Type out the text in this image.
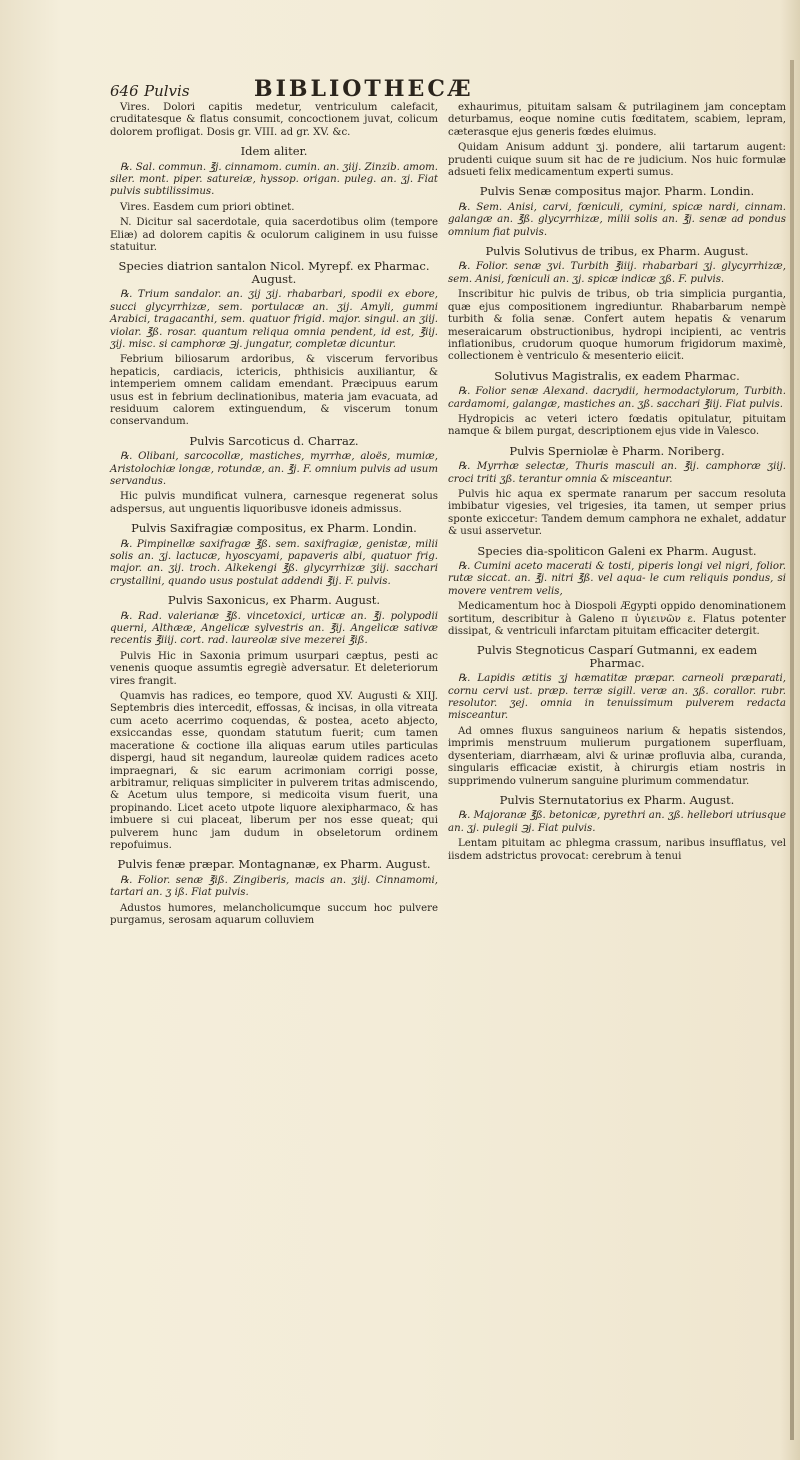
646 Pulvis	BIBLIOTHECÆ

Vires. Dolori capitis medetur, ventriculum calefacit, cruditatesque & flatus consumit, concoctionem juvat, colicum dolorem profligat. Dosis gr. VIII. ad gr. XV. &c.

Idem aliter.

℞. Sal. commun. ℥j. cinnamom. cumin. an. ʒiij. Zinzib. amom. siler. mont. piper. satureiæ, hyssop. origan. puleg. an. ʒj. Fiat pulvis subtilissimus.

Vires. Easdem cum priori obtinet.

N. Dicitur sal sacerdotale, quia sacerdotibus olim (tempore Eliæ) ad dolorem capitis & oculorum caliginem in usu fuisse statuitur.

Species diatrion santalon Nicol. Myrepf. ex Pharmac. August.

℞. Trium sandalor. an. ʒij ʒij. rhabarbari, spodii ex ebore, succi glycyrrhizæ, sem. portulacæ an. ʒij. Amyli, gummi Arabici, tragacanthi, sem. quatuor frigid. major. singul. an ʒiij. violar. ℥ß. rosar. quantum reliqua omnia pendent, id est, ℥iij. ʒij. misc. si camphoræ ℈j. jungatur, completæ dicuntur.

Febrium biliosarum ardoribus, & viscerum fervoribus hepaticis, cardiacis, ictericis, phthisicis auxiliantur, & intemperiem omnem calidam emendant. Præcipuus earum usus est in febrium declinationibus, materia jam evacuata, ad residuum calorem extinguendum, & viscerum tonum conservandum.

Pulvis Sarcoticus d. Charraz.

℞. Olibani, sarcocollæ, mastiches, myrrhæ, aloës, mumiæ, Aristolochiæ longæ, rotundæ, an. ℥j. F. omnium pulvis ad usum servandus.

Hic pulvis mundificat vulnera, carnesque regenerat solus adspersus, aut unguentis liquoribusve idoneis admissus.

Pulvis Saxifragiæ compositus, ex Pharm. Londin.

℞. Pimpinellæ saxifragæ ℥ß. sem. saxifragiæ, genistæ, milii solis an. ʒj. lactucæ, hyoscyami, papaveris albi, quatuor frig. major. an. ʒij. troch. Alkekengi ℥ß. glycyrrhizæ ʒiij. sacchari crystallini, quando usus postulat addendi ℥ij. F. pulvis.

Pulvis Saxonicus, ex Pharm. August.

℞. Rad. valerianæ ℥ß. vincetoxici, urticæ an. ℥j. polypodii querni, Althææ, Angelicæ sylvestris an. ℥ij. Angelicæ sativæ recentis ℥iiij. cort. rad. laureolæ sive mezerei ℥iß.

Pulvis Hic in Saxonia primum usurpari cæptus, pesti ac venenis quoque assumtis egregiè adversatur. Et deleteriorum vires frangit.

Quamvis has radices, eo tempore, quod XV. Augusti & XIIJ. Septembris dies intercedit, effossas, & incisas, in olla vitreata cum aceto acerrimo coquendas, & postea, aceto abjecto, exsiccandas esse, quondam statutum fuerit; cum tamen maceratione & coctione illa aliquas earum utiles particulas dispergi, haud sit negandum, laureolæ quidem radices aceto impraegnari, & sic earum acrimoniam corrigi posse, arbitramur, reliquas simpliciter in pulverem tritas admiscendo, & Acetum ulus tempore, si medicoita visum fuerit, una propinando. Licet aceto utpote liquore alexipharmaco, & has imbuere si cui placeat, liberum per nos esse queat; qui pulverem hunc jam dudum in obseletorum ordinem repofuimus.

Pulvis fenæ præpar. Montagnanæ, ex Pharm. August.

℞. Folior. senæ ℥iß. Zingiberis, macis an. ʒiij. Cinnamomi, tartari an. ʒ iß. Fiat pulvis.

Adustos humores, melancholicumque succum hoc pulvere purgamus, serosam aquarum colluviem

exhaurimus, pituitam salsam & putrilaginem jam conceptam deturbamus, eoque nomine cutis fœditatem, scabiem, lepram, cæterasque ejus generis fœdes eluimus.

Quidam Anisum addunt ʒj. pondere, alii tartarum augent: prudenti cuique suum sit hac de re judicium. Nos huic formulæ adsueti felix medicamentum experti sumus.

Pulvis Senæ compositus major. Pharm. Londin.

℞. Sem. Anisi, carvi, fœniculi, cymini, spicæ nardi, cinnam. galangæ an. ℥ß. glycyrrhizæ, milii solis an. ℥j. senæ ad pondus omnium fiat pulvis.

Pulvis Solutivus de tribus, ex Pharm. August.

℞. Folior. senæ ʒvi. Turbith ℥iiij. rhabarbari ʒj. glycyrrhizæ, sem. Anisi, fœniculi an. ʒj. spicæ indicæ ʒß. F. pulvis.

Inscribitur hic pulvis de tribus, ob tria simplicia purgantia, quæ ejus compositionem ingrediuntur. Rhabarbarum nempè turbith & folia senæ. Confert autem hepatis & venarum meseraicarum obstructionibus, hydropi incipienti, ac ventris inflationibus, crudorum quoque humorum frigidorum maximè, collectionem è ventriculo & mesenterio eiicit.

Solutivus Magistralis, ex eadem Pharmac.

℞. Folior senæ Alexand. dacrydii, hermodactylorum, Turbith. cardamomi, galangæ, mastiches an. ʒß. sacchari ℥iij. Fiat pulvis.

Hydropicis ac veteri ictero fœdatis opitulatur, pituitam namque & bilem purgat, descriptionem ejus vide in Valesco.

Pulvis Sperniolæ è Pharm. Noriberg.

℞. Myrrhæ selectæ, Thuris masculi an. ℥ij. camphoræ ʒiij. croci triti ʒß. terantur omnia & misceantur.

Pulvis hic aqua ex spermate ranarum per saccum resoluta imbibatur vigesies, vel trigesies, ita tamen, ut semper prius sponte exiccetur: Tandem demum camphora ne exhalet, addatur & usui asservetur.

Species dia-spoliticon Galeni ex Pharm. August.

℞. Cumini aceto macerati & tosti, piperis longi vel nigri, folior. rutæ siccat. an. ℥j. nitri ℥ß. vel aqua- le cum reliquis pondus, si movere ventrem velis,

Medicamentum hoc à Diospoli Ægypti oppido denominationem sortitum, describitur à Galeno π ὐγιεινῶν ε. Flatus potenter dissipat, & ventriculi infarctam pituitam efficaciter detergit.

Pulvis Stegnoticus Casparí Gutmanni, ex eadem Pharmac.

℞. Lapidis ætitis ʒj hæmatitæ præpar. carneoli præparati, cornu cervi ust. præp. terræ sigill. veræ an. ʒß. corallor. rubr. resolutor. ʒej. omnia in tenuissimum pulverem redacta misceantur.

Ad omnes fluxus sanguineos narium & hepatis sistendos, imprimis menstruum mulierum purgationem superfluam, dysenteriam, diarrhæam, alvi & urinæ profluvia alba, curanda, singularis efficaciæ existit, à chirurgis etiam nostris in supprimendo vulnerum sanguine plurimum commendatur.

Pulvis Sternutatorius ex Pharm. August.

℞. Majoranæ ℥ß. betonicæ, pyrethri an. ʒß. hellebori utriusque an. ʒj. pulegii ℈j. Fiat pulvis.

Lentam pituitam ac phlegma crassum, naribus insufflatus, vel iisdem adstrictus provocat: cerebrum à tenui
